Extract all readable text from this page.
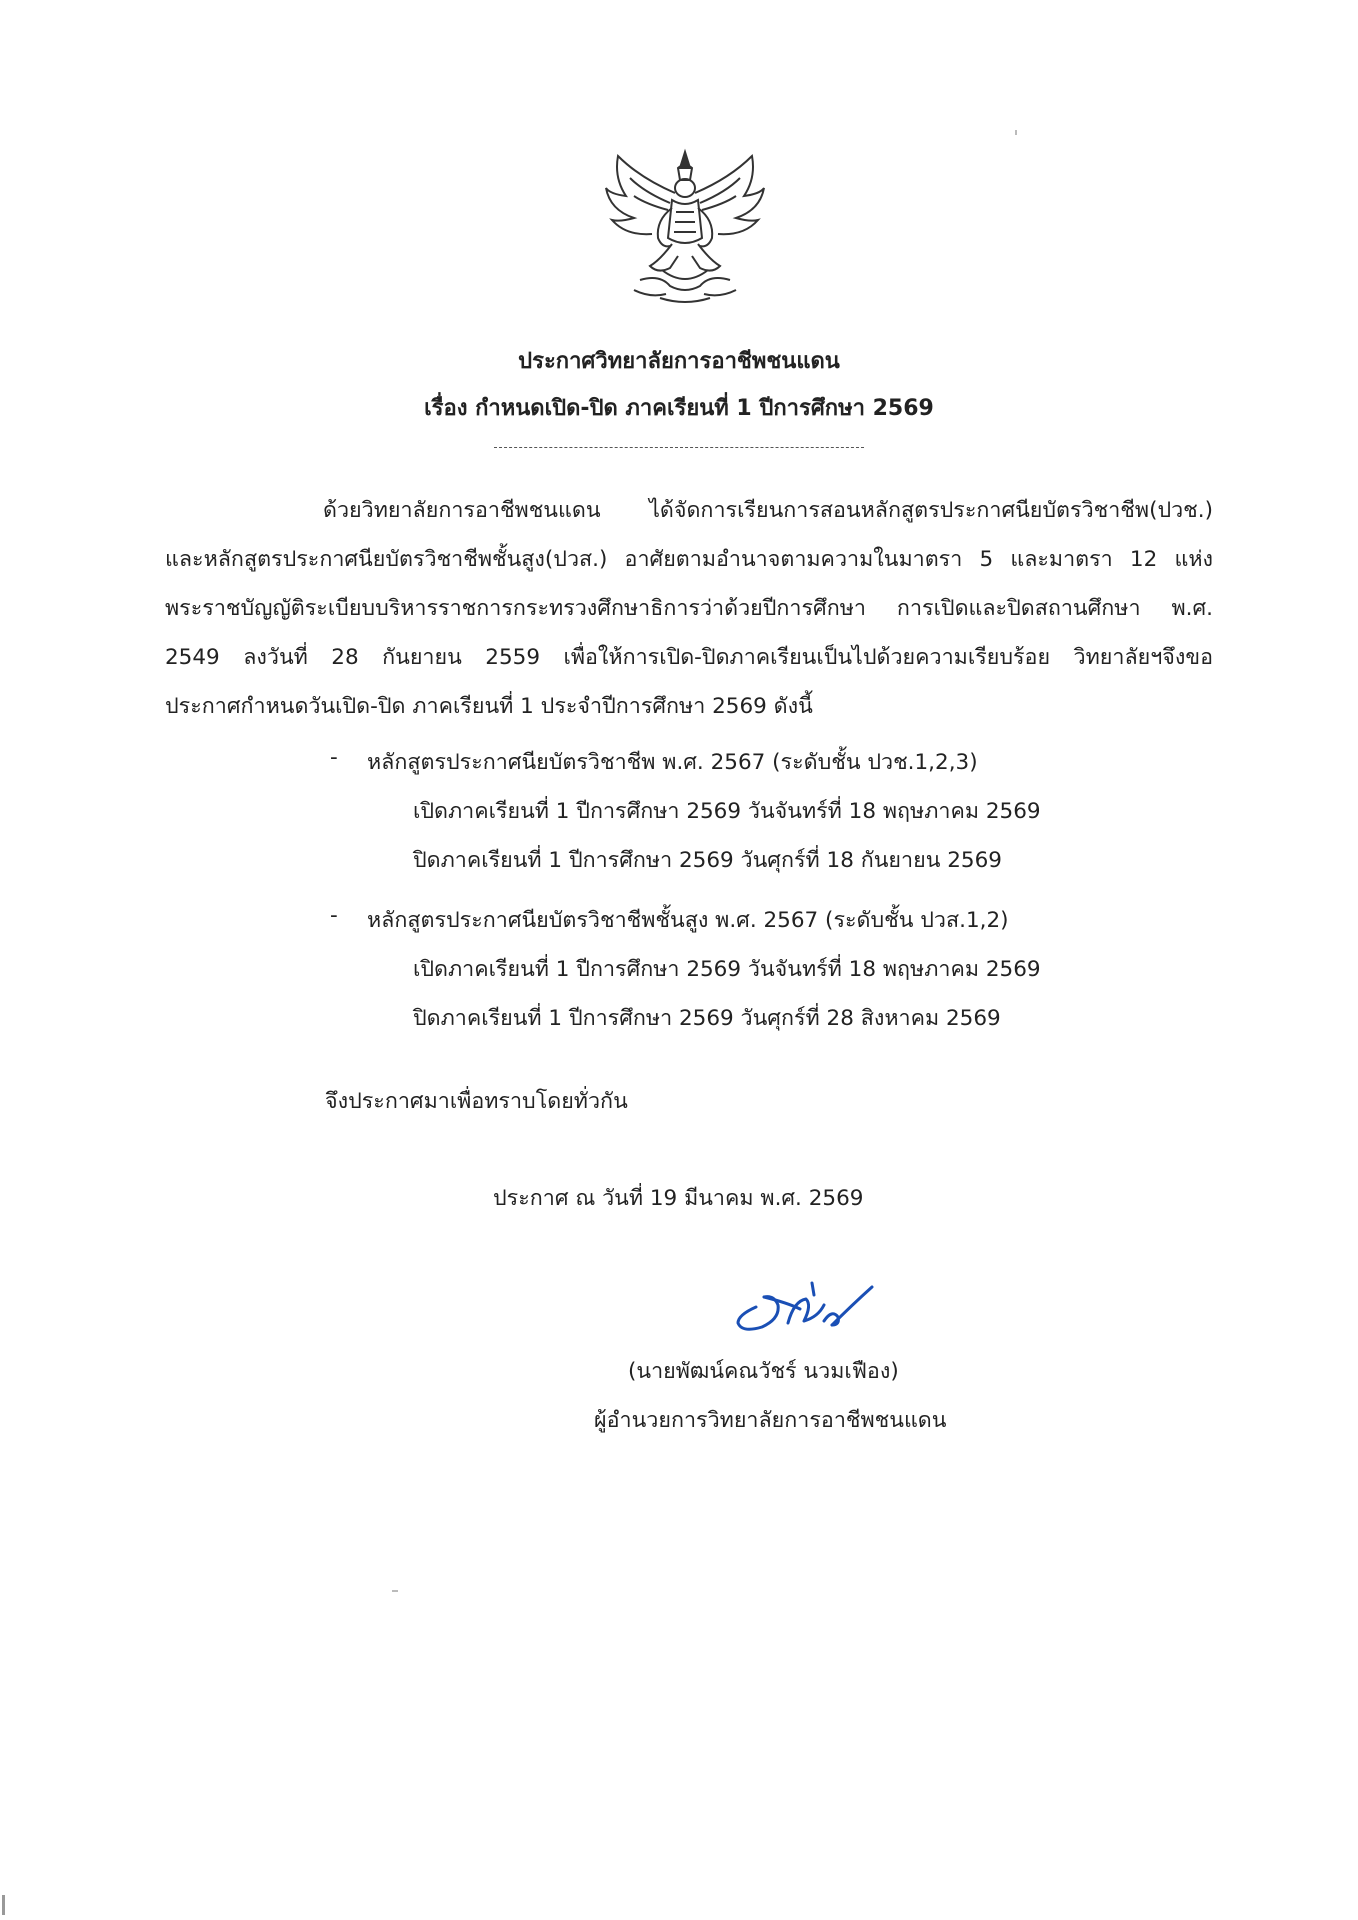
ประกาศวิทยาลัยการอาชีพชนแดน
เรื่อง กำหนดเปิด-ปิด ภาคเรียนที่ 1 ปีการศึกษา 2569
ด้วยวิทยาลัยการอาชีพชนแดน ได้จัดการเรียนการสอนหลักสูตรประกาศนียบัตรวิชาชีพ(ปวช.)
และหลักสูตรประกาศนียบัตรวิชาชีพชั้นสูง(ปวส.) อาศัยตามอำนาจตามความในมาตรา 5 และมาตรา 12 แห่ง
พระราชบัญญัติระเบียบบริหารราชการกระทรวงศึกษาธิการว่าด้วยปีการศึกษา การเปิดและปิดสถานศึกษา พ.ศ.
2549 ลงวันที่ 28 กันยายน 2559 เพื่อให้การเปิด-ปิดภาคเรียนเป็นไปด้วยความเรียบร้อย วิทยาลัยฯจึงขอ
ประกาศกำหนดวันเปิด-ปิด ภาคเรียนที่ 1 ประจำปีการศึกษา 2569 ดังนี้
- หลักสูตรประกาศนียบัตรวิชาชีพ พ.ศ. 2567 (ระดับชั้น ปวช.1,2,3)
เปิดภาคเรียนที่ 1 ปีการศึกษา 2569 วันจันทร์ที่ 18 พฤษภาคม 2569
ปิดภาคเรียนที่ 1 ปีการศึกษา 2569 วันศุกร์ที่ 18 กันยายน 2569
- หลักสูตรประกาศนียบัตรวิชาชีพชั้นสูง พ.ศ. 2567 (ระดับชั้น ปวส.1,2)
เปิดภาคเรียนที่ 1 ปีการศึกษา 2569 วันจันทร์ที่ 18 พฤษภาคม 2569
ปิดภาคเรียนที่ 1 ปีการศึกษา 2569 วันศุกร์ที่ 28 สิงหาคม 2569
จึงประกาศมาเพื่อทราบโดยทั่วกัน
ประกาศ ณ วันที่ 19 มีนาคม พ.ศ. 2569
(นายพัฒน์คณวัชร์ นวมเฟือง)
ผู้อำนวยการวิทยาลัยการอาชีพชนแดน
